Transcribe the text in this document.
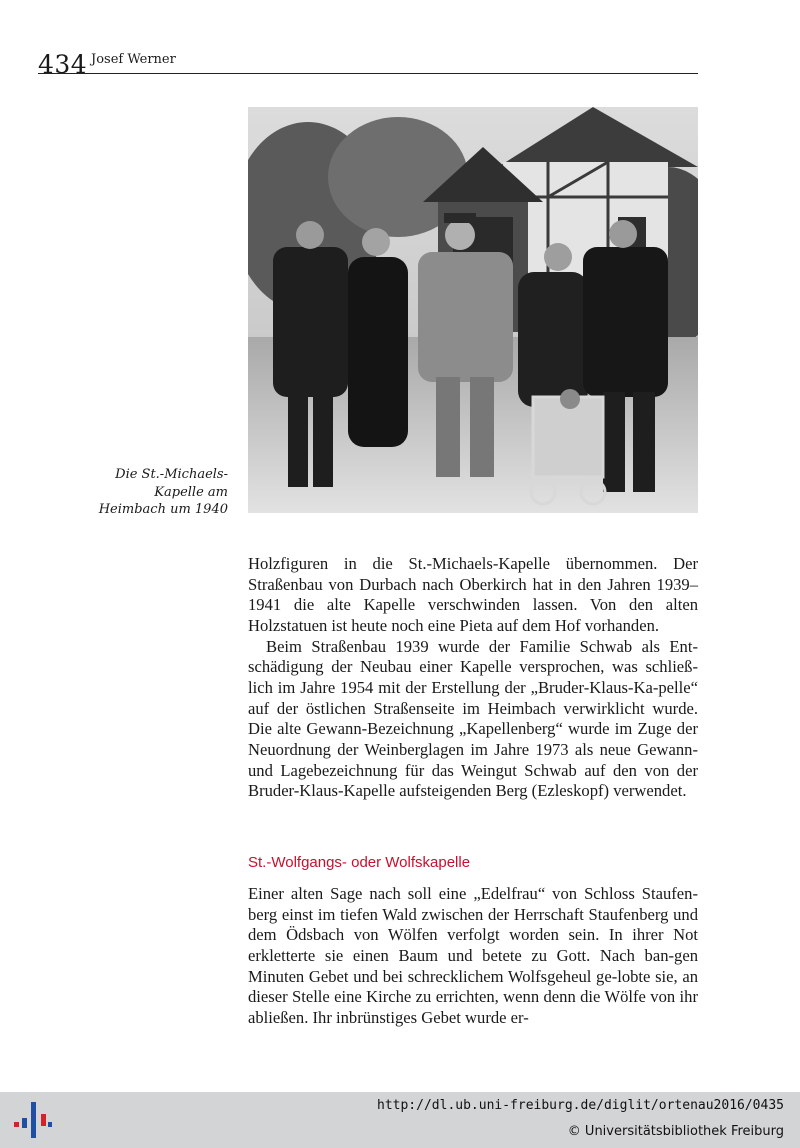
434 Josef Werner
Die St.-Michaels-
Kapelle am
Heimbach um 1940

Holzfiguren in die St.-Michaels-Kapelle übernommen. Der Straßenbau von Durbach nach Oberkirch hat in den Jahren 1939–1941 die alte Kapelle verschwinden lassen. Von den alten Holzstatuen ist heute noch eine Pieta auf dem Hof vorhanden.

Beim Straßenbau 1939 wurde der Familie Schwab als Ent-schädigung der Neubau einer Kapelle versprochen, was schließ-lich im Jahre 1954 mit der Erstellung der „Bruder-Klaus-Ka-pelle“ auf der östlichen Straßenseite im Heimbach verwirklicht wurde. Die alte Gewann-Bezeichnung „Kapellenberg“ wurde im Zuge der Neuordnung der Weinberglagen im Jahre 1973 als neue Gewann- und Lagebezeichnung für das Weingut Schwab auf den von der Bruder-Klaus-Kapelle aufsteigenden Berg (Ezleskopf) verwendet.

St.-Wolfgangs- oder Wolfskapelle

Einer alten Sage nach soll eine „Edelfrau“ von Schloss Staufen-berg einst im tiefen Wald zwischen der Herrschaft Staufenberg und dem Ödsbach von Wölfen verfolgt worden sein. In ihrer Not erkletterte sie einen Baum und betete zu Gott. Nach ban-gen Minuten Gebet und bei schrecklichem Wolfsgeheul ge-lobte sie, an dieser Stelle eine Kirche zu errichten, wenn denn die Wölfe von ihr abließen. Ihr inbrünstiges Gebet wurde er-

http://dl.ub.uni-freiburg.de/diglit/ortenau2016/0435
© Universitätsbibliothek Freiburg
